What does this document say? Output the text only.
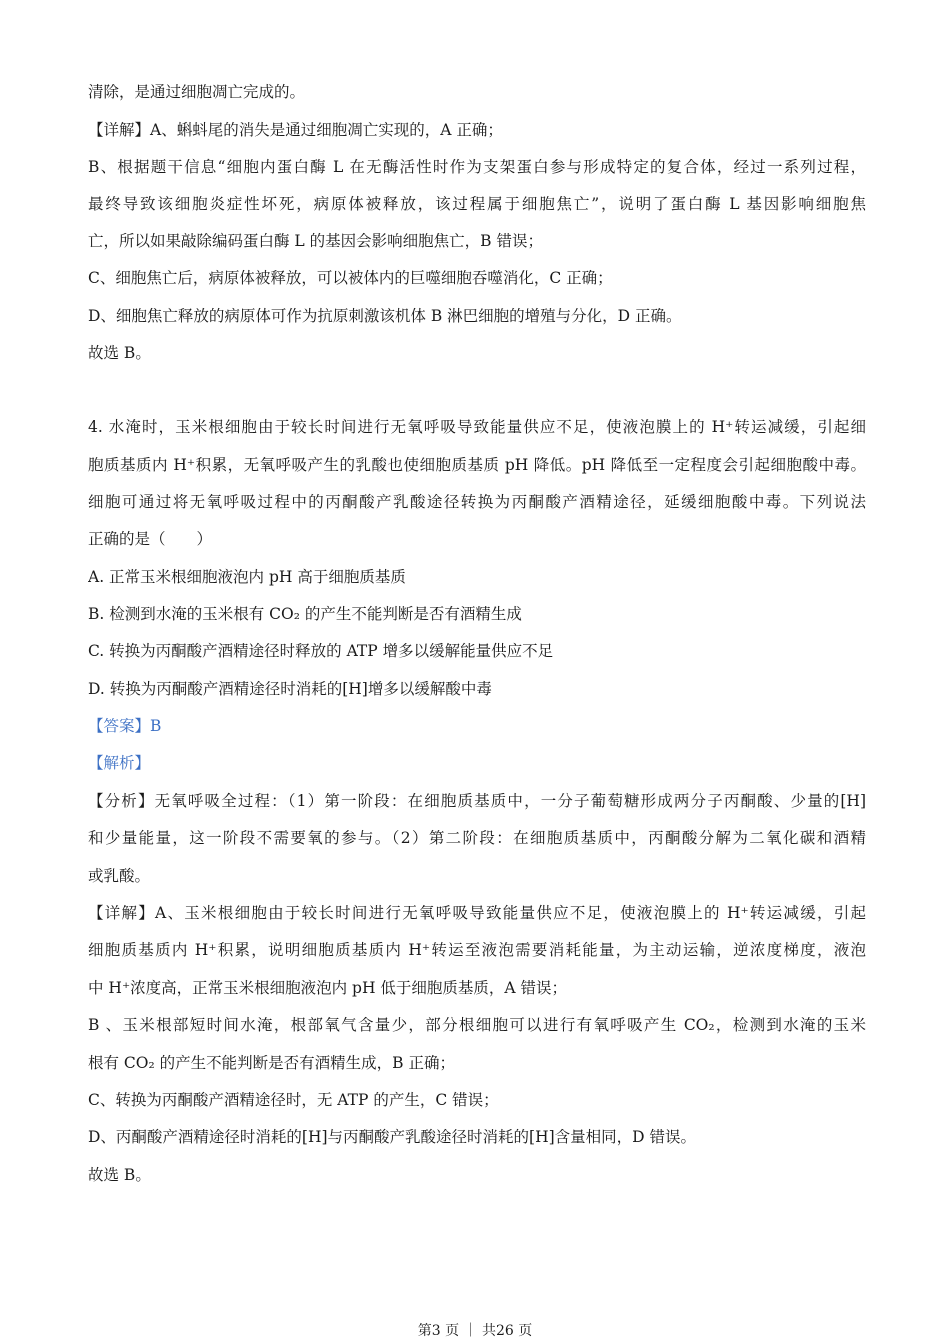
清除，是通过细胞凋亡完成的。
【详解】A、蝌蚪尾的消失是通过细胞凋亡实现的，A 正确；
B、根据题干信息“细胞内蛋白酶 L 在无酶活性时作为支架蛋白参与形成特定的复合体，经过一系列过程，
最终导致该细胞炎症性坏死，病原体被释放，该过程属于细胞焦亡”，说明了蛋白酶 L 基因影响细胞焦
亡，所以如果敲除编码蛋白酶 L 的基因会影响细胞焦亡，B 错误；
C、细胞焦亡后，病原体被释放，可以被体内的巨噬细胞吞噬消化，C 正确；
D、细胞焦亡释放的病原体可作为抗原刺激该机体 B 淋巴细胞的增殖与分化，D 正确。
故选 B。
4. 水淹时，玉米根细胞由于较长时间进行无氧呼吸导致能量供应不足，使液泡膜上的 H⁺转运减缓，引起细
胞质基质内 H⁺积累，无氧呼吸产生的乳酸也使细胞质基质 pH 降低。pH 降低至一定程度会引起细胞酸中毒。
细胞可通过将无氧呼吸过程中的丙酮酸产乳酸途径转换为丙酮酸产酒精途径，延缓细胞酸中毒。下列说法
正确的是（　　）
A. 正常玉米根细胞液泡内 pH 高于细胞质基质
B. 检测到水淹的玉米根有 CO₂ 的产生不能判断是否有酒精生成
C. 转换为丙酮酸产酒精途径时释放的 ATP 增多以缓解能量供应不足
D. 转换为丙酮酸产酒精途径时消耗的[H]增多以缓解酸中毒
【答案】B
【解析】
【分析】无氧呼吸全过程：（1）第一阶段：在细胞质基质中，一分子葡萄糖形成两分子丙酮酸、少量的[H]
和少量能量，这一阶段不需要氧的参与。（2）第二阶段：在细胞质基质中，丙酮酸分解为二氧化碳和酒精
或乳酸。
【详解】A、玉米根细胞由于较长时间进行无氧呼吸导致能量供应不足，使液泡膜上的 H⁺转运减缓，引起
细胞质基质内 H⁺积累，说明细胞质基质内 H⁺转运至液泡需要消耗能量，为主动运输，逆浓度梯度，液泡
中 H⁺浓度高，正常玉米根细胞液泡内 pH 低于细胞质基质，A 错误；
B 、玉米根部短时间水淹，根部氧气含量少，部分根细胞可以进行有氧呼吸产生 CO₂，检测到水淹的玉米
根有 CO₂ 的产生不能判断是否有酒精生成，B 正确；
C、转换为丙酮酸产酒精途径时，无 ATP 的产生，C 错误；
D、丙酮酸产酒精途径时消耗的[H]与丙酮酸产乳酸途径时消耗的[H]含量相同，D 错误。
故选 B。
第3 页 ｜ 共26 页
